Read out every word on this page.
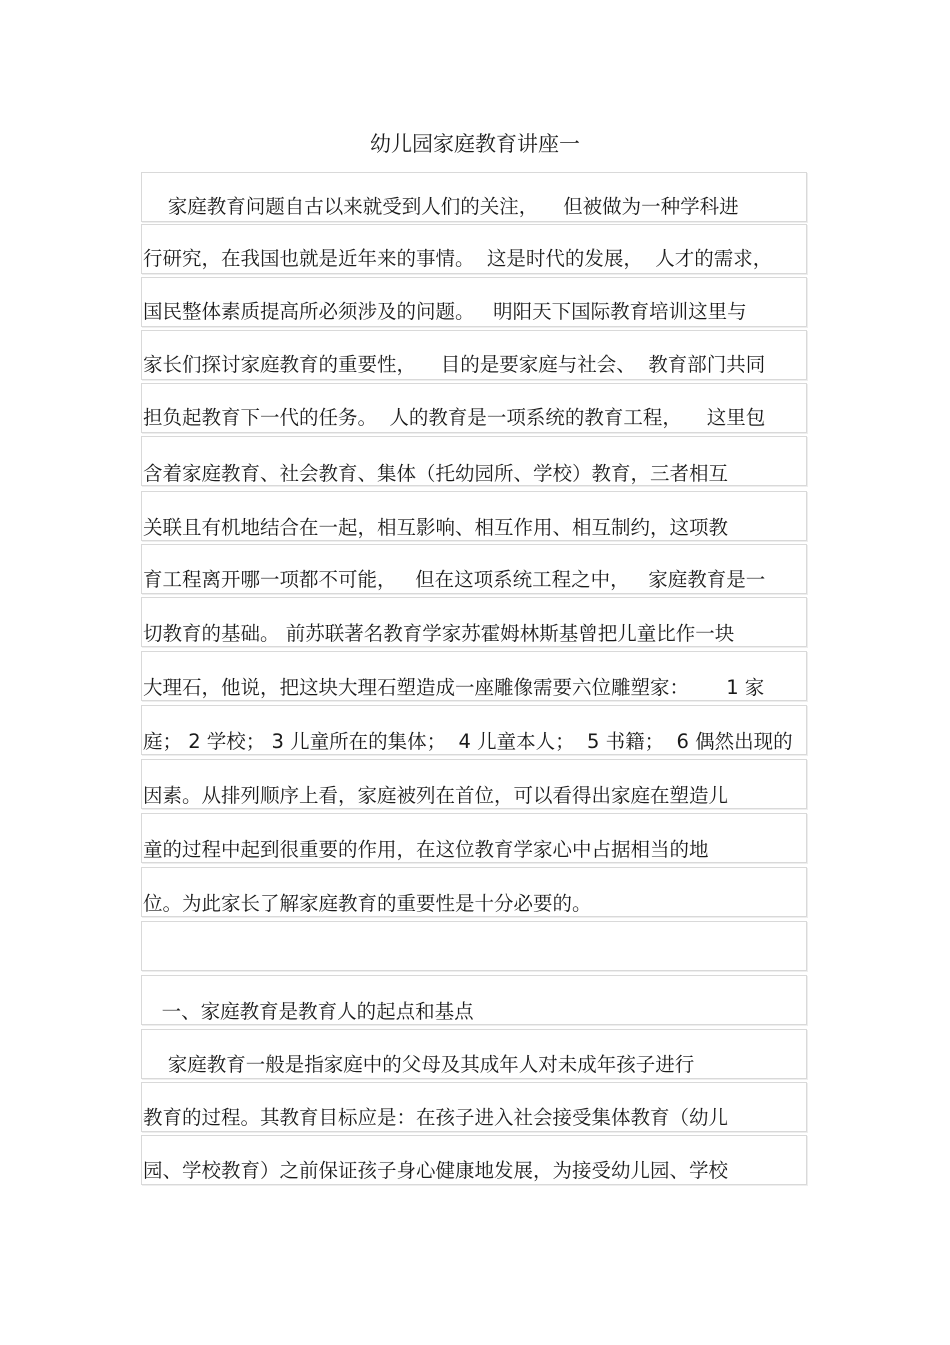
幼儿园家庭教育讲座一
家庭教育问题自古以来就受到人们的关注，    但被做为一种学科进
行研究，在我国也就是近年来的事情。  这是时代的发展，  人才的需求，
国民整体素质提高所必须涉及的问题。   明阳天下国际教育培训这里与
家长们探讨家庭教育的重要性，    目的是要家庭与社会、  教育部门共同
担负起教育下一代的任务。  人的教育是一项系统的教育工程，    这里包
含着家庭教育、社会教育、集体（托幼园所、学校）教育，三者相互
关联且有机地结合在一起，相互影响、相互作用、相互制约，这项教
育工程离开哪一项都不可能，   但在这项系统工程之中，   家庭教育是一
切教育的基础。 前苏联著名教育学家苏霍姆林斯基曾把儿童比作一块
大理石，他说，把这块大理石塑造成一座雕像需要六位雕塑家：      1 家
庭； 2 学校； 3 儿童所在的集体；  4 儿童本人；  5 书籍；  6 偶然出现的
因素。从排列顺序上看，家庭被列在首位，可以看得出家庭在塑造儿
童的过程中起到很重要的作用，在这位教育学家心中占据相当的地
位。为此家长了解家庭教育的重要性是十分必要的。
一、家庭教育是教育人的起点和基点
家庭教育一般是指家庭中的父母及其成年人对未成年孩子进行
教育的过程。其教育目标应是：在孩子进入社会接受集体教育（幼儿
园、学校教育）之前保证孩子身心健康地发展，为接受幼儿园、学校
